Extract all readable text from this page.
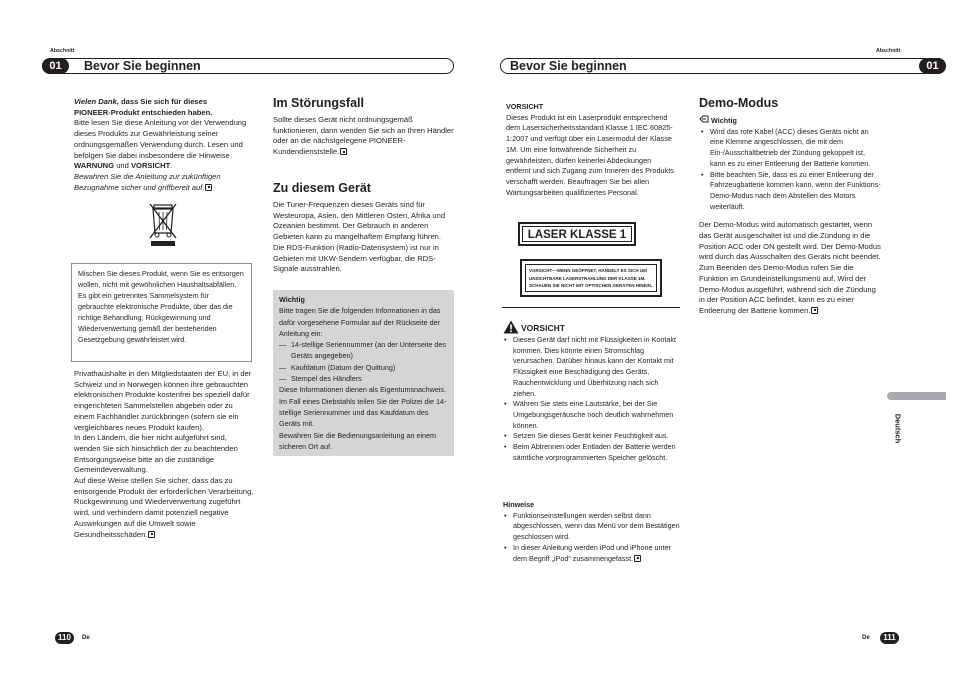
Abschnitt
01	Bevor Sie beginnen
Abschnitt
01
Bevor Sie beginnen

Vielen Dank, dass Sie sich für dieses

PIONEER-Produkt entschieden haben.

Bitte lesen Sie diese Anleitung vor der Verwendung dieses Produkts zur Gewährleistung seiner ordnungsgemäßen Verwendung durch. Lesen und befolgen Sie dabei insbesondere die Hinweise WARNUNG und VORSICHT.

Bewahren Sie die Anleitung zur zukünftigen Bezugnahme sicher und griffbereit auf.

Mischen Sie dieses Produkt, wenn Sie es entsorgen wollen, nicht mit gewöhnlichen Haushaltsabfällen. Es gibt ein getrenntes Sammelsystem für gebrauchte elektronische Produkte, über das die richtige Behandlung, Rückgewinnung und Wiederverwertung gemäß der bestehenden Gesetzgebung gewährleistet wird.

Privathaushalte in den Mitgliedstaaten der EU, in der Schweiz und in Norwegen können ihre gebrauchten elektronischen Produkte kostenfrei bei speziell dafür eingerichteten Sammelstellen abgeben oder zu einem Fachhändler zurückbringen (sofern sie ein vergleichbares neues Produkt kaufen).

In den Ländern, die hier nicht aufgeführt sind, wenden Sie sich hinsichtlich der zu beachtenden Entsorgungsweise bitte an die zuständige Gemeindeverwaltung.

Auf diese Weise stellen Sie sicher, dass das zu entsorgende Produkt der erforderlichen Verarbeitung, Rückgewinnung und Wiederverwertung zugeführt wird, und verhindern damit potenziell negative Auswirkungen auf die Umwelt sowie Gesundheitsschäden.

Im Störungsfall

Sollte dieses Gerät nicht ordnungsgemäß funktionieren, dann wenden Sie sich an Ihren Händler oder an die nächstgelegene PIONEER-Kundendienststelle.

Zu diesem Gerät

Die Tuner-Frequenzen dieses Geräts sind für Westeuropa, Asien, den Mittleren Osten, Afrika und Ozeanien bestimmt. Der Gebrauch in anderen Gebieten kann zu mangelhaftem Empfang führen. Die RDS-Funktion (Radio-Datensystem) ist nur in Gebieten mit UKW-Sendern verfügbar, die RDS-Signale ausstrahlen.

Wichtig
Bitte tragen Sie die folgenden Informationen in das dafür vorgesehene Formular auf der Rückseite der Anleitung ein:
— 14-stellige Seriennummer (an der Unterseite des Geräts angegeben)
— Kaufdatum (Datum der Quittung)
— Stempel des Händlers
Diese Informationen dienen als Eigentumsnachweis. Im Fall eines Diebstahls teilen Sie der Polizei die 14-stellige Seriennummer und das Kaufdatum des Geräts mit.
Bewahren Sie die Bedienungsanleitung an einem sicheren Ort auf.
VORSICHT

Dieses Produkt ist ein Laserprodukt entsprechend dem Lasersicherheitsstandard Klasse 1 IEC 60825-1:2007 und verfügt über ein Lasermodul der Klasse 1M. Um eine fortwährende Sicherheit zu gewährleisten, dürfen keinerlei Abdeckungen entfernt und sich Zugang zum Inneren des Produkts verschafft werden. Beauftragen Sie bei allen Wartungsarbeiten qualifiziertes Personal.

LASER KLASSE 1
VORSICHT—WENN GEÖFFNET, HANDELT ES SICH UM UNSICHTBARE LASERSTRAHLUNG DER KLASSE 1M. SCHAUEN SIE NICHT MIT OPTISCHEN GERÄTEN HINEIN.
VORSICHT
• Dieses Gerät darf nicht mit Flüssigkeiten in Kontakt kommen. Dies könnte einen Stromschlag verursachen. Darüber hinaus kann der Kontakt mit Flüssigkeit eine Beschädigung des Geräts, Rauchentwicklung und Überhitzung nach sich ziehen.
• Währen Sie stets eine Lautstärke, bei der Sie Umgebungsgeräusche noch deutlich wahrnehmen können.
• Setzen Sie dieses Gerät keiner Feuchtigkeit aus.
• Beim Abtrennen oder Entladen der Batterie werden sämtliche vorprogrammierten Speicher gelöscht.
Hinweise
• Funktionseinstellungen werden selbst dann abgeschlossen, wenn das Menü vor dem Bestätigen geschlossen wird.
• In dieser Anleitung werden iPod und iPhone unter dem Begriff „iPod“ zusammengefasst.
Demo-Modus
Wichtig
• Wird das rote Kabel (ACC) dieses Geräts nicht an eine Klemme angeschlossen, die mit dem Ein-/Ausschaltbetrieb der Zündung gekoppelt ist, kann es zu einer Entleerung der Batterie kommen.
• Bitte beachten Sie, dass es zu einer Entleerung der Fahrzeugbatterie kommen kann, wenn der Funktions-Demo-Modus nach dem Abstellen des Motors weiterläuft.

Der Demo-Modus wird automatisch gestartet, wenn das Gerät ausgeschaltet ist und die Zündung in die Position ACC oder ON gestellt wird. Der Demo-Modus wird durch das Ausschalten des Geräts nicht beendet. Zum Beenden des Demo-Modus rufen Sie die Funktion im Grundeinstellungsmenü auf. Wird der Demo-Modus ausgeführt, während sich die Zündung in der Position ACC befindet, kann es zu einer Entleerung der Batterie kommen.

Deutsch
110	De	De	111
